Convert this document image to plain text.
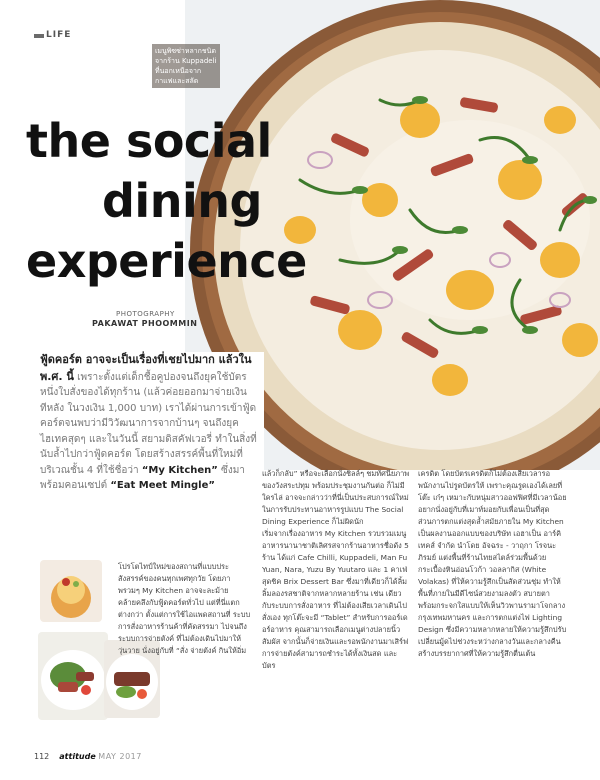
LIFE
เมนูพิซซ่าหลากชนิด จากร้าน Kuppadeli ที่นอกเหนือจากกาแฟและสลัด
the social
dining
experience
PHOTOGRAPHY
PAKAWAT PHOOMMIN
ฟู้ดคอร์ต อาจจะเป็นเรื่องที่เชยไปมาก แล้วใน พ.ศ. นี้ เพราะตั้งแต่เด็กชื้อคูปองจนถึงยุคใช้บัตรหนึ่งใบสั่งของได้ทุกร้าน (แล้วค่อยออกมาจ่ายเงินทีหลัง ในวงเงิน 1,000 บาท) เราได้ผ่านการเข้าฟู้ดคอร์ตจนพบว่ามีวิวัฒนาการจากบ้านๆ จนถึงยุคไฮเทคสุดๆ และในวันนี้ สยามดิสคัฟเวอรี่ ทำในสิ่งที่นับล้ำไปกว่าฟู้ดคอร์ต โดยสร้างสรรค์พื้นที่ใหม่ที่บริเวณชั้น 4 ที่ใช้ชื่อว่า “My Kitchen” ซึ่งมาพร้อมคอนเซปต์ “Eat Meet Mingle”
โปรโตไทป์ใหม่ของสถานที่แบบประสังสรรค์ของคนทุกเพศทุกวัย โดยภาพรวมๆ My Kitchen อาจจะละม้ายคล้ายคลึงกับฟู้ดคอร์ตทั่วไป แต่ที่นี่แตกต่างกว่า ตั้งแต่การใช้ไอแพดสถานที่ ระบบการสั่งอาหารร้านค้าที่คัดสรรมา ไปจนถึงระบบการจ่ายตังค์ ที่ไม่ต้องเดินไปมาให้วุ่นวาย นั่งอยู่กับที่ “สั่ง จ่ายตังค์ กินให้อิ่ม
แล้วก็กลับ” หรือจะเลือกนั่งชิลล์ๆ ชมทัศนียภาพของวังสระปทุม พร้อมประชุมงานกันต่อ ก็ไม่มีใครไล่ อาจจะกล่าวว่าที่นี่เป็นประสบการณ์ใหม่ในการรับประทานอาหารรูปแบบ The Social Dining Experience ก็ไม่ผิดนัก
เริ่มจากเรื่องอาหาร My Kitchen รวบรวมเมนูอาหารนานาชาติเลิศรสจากร้านอาหารชื่อดัง 5 ร้าน ได้แก่ Cafe Chilli, Kuppadeli, Man Fu Yuan, Nara, Yuzu By Yuutaro และ 1 คาเฟ่สุดชิค Brix Dessert Bar ซึ่งมาที่เดียวก็ได้ลิ้มลิ้มลองรสชาติจากหลากหลายร้าน เช่น เดียวกับระบบการสั่งอาหาร ที่ไม่ต้องเสียเวลาเดินไปสั่งเอง ทุกโต๊ะจะมี “Tablet” สำหรับการออร์เดอร์อาหาร คุณสามารถเลือกเมนูต่างปลายนิ้วสัมผัส จากนั้นก็จ่ายเงินและรอพนักงานมาเสิร์ฟ การจ่ายตังค์สามารถชำระได้ทั้งเงินสด และบัตร
เครดิต โดยบัตรเครดิตก็ไม่ต้องเสียเวลารอพนักงานไปรูดบัตรให้ เพราะคุณรูดเองได้เลยที่โต๊ะ เก๋ๆ เหมาะกับหนุ่มสาวออฟฟิศที่มีเวลาน้อย อยากนั่งอยู่กับที่เมาท์มอยกับเพื่อนเป็นที่สุด
ส่วนการตกแต่งสุดล้ำสมัยภายใน My Kitchen เป็นผลงานออกแบบของบริษัท เอฮาเป็น อาร์คิเทคส์ จำกัด นำโดย อัจฉระ - วาฤกา โรจนะภิรมย์ แต่งพื้นที่ร้านไทยสไตล์ร่วมพื้นด้วยกระเบื้องหินอ่อนโวก้า วอลลากิส (White Volakas) ที่ให้ความรู้สึกเป็นสัดส่วนชุ่ม ทำให้พื้นที่ภายในมีดีไซน์สวยงามลงตัว สบายตา พร้อมกระจกใสแบบให้เห็นวิวพานรามาโจกลางกรุงเทพมหานคร และการตกแต่งไฟ Lighting Design ซึ่งมีความหลากหลายให้ความรู้สึกปรับเปลี่ยนมู้ดไปช่วงระหว่างกลางวันและกลางคืน สร้างบรรยากาศที่ให้ความรู้สึกตื่นเต้น
112 attitude MAY 2017
